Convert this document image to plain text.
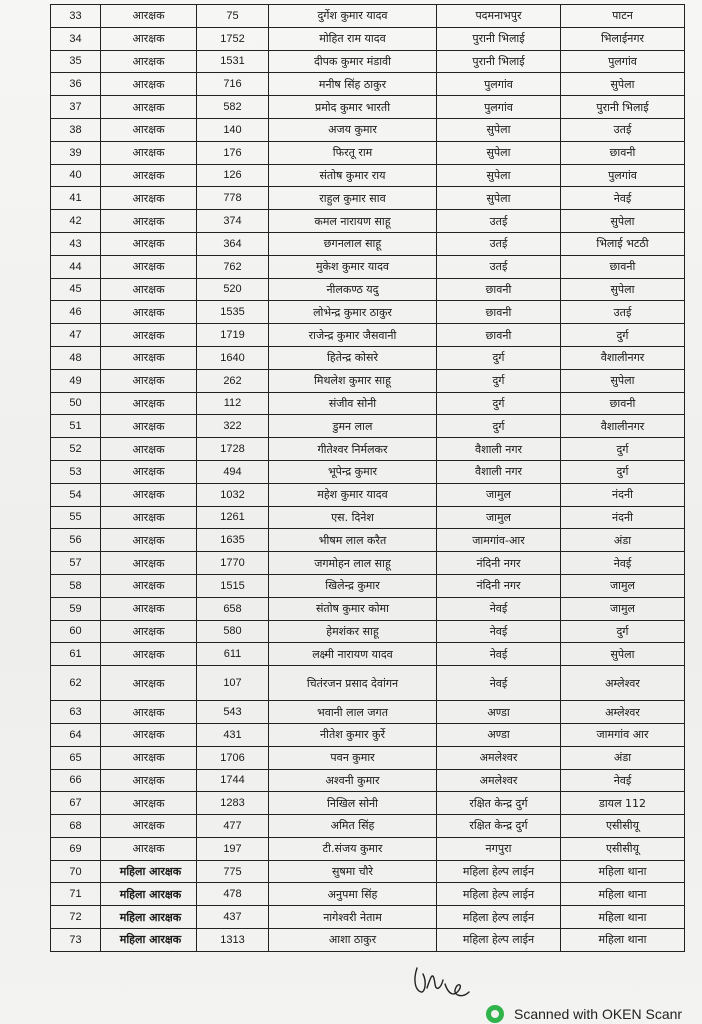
33	आरक्षक	75	दुर्गेश कुमार यादव	पदमनाभपुर	पाटन
34	आरक्षक	1752	मोहित राम यादव	पुरानी भिलाई	भिलाईनगर
35	आरक्षक	1531	दीपक कुमार मंडावी	पुरानी भिलाई	पुलगांव
36	आरक्षक	716	मनीष सिंह ठाकुर	पुलगांव	सुपेला
37	आरक्षक	582	प्रमोद कुमार भारती	पुलगांव	पुरानी भिलाई
38	आरक्षक	140	अजय कुमार	सुपेला	उतई
39	आरक्षक	176	फिरतू राम	सुपेला	छावनी
40	आरक्षक	126	संतोष कुमार राय	सुपेला	पुलगांव
41	आरक्षक	778	राहुल कुमार साव	सुपेला	नेवई
42	आरक्षक	374	कमल नारायण साहू	उतई	सुपेला
43	आरक्षक	364	छगनलाल साहू	उतई	भिलाई भटठी
44	आरक्षक	762	मुकेश कुमार यादव	उतई	छावनी
45	आरक्षक	520	नीलकण्ठ यदु	छावनी	सुपेला
46	आरक्षक	1535	लोभेन्द्र कुमार ठाकुर	छावनी	उतई
47	आरक्षक	1719	राजेन्द्र कुमार जैसवानी	छावनी	दुर्ग
48	आरक्षक	1640	हितेन्द्र कोसरे	दुर्ग	वैशालीनगर
49	आरक्षक	262	मिथलेश कुमार साहू	दुर्ग	सुपेला
50	आरक्षक	112	संजीव सोनी	दुर्ग	छावनी
51	आरक्षक	322	डुमन लाल	दुर्ग	वैशालीनगर
52	आरक्षक	1728	गीतेश्वर निर्मलकर	वैशाली नगर	दुर्ग
53	आरक्षक	494	भूपेन्द्र कुमार	वैशाली नगर	दुर्ग
54	आरक्षक	1032	महेश कुमार यादव	जामुल	नंदनी
55	आरक्षक	1261	एस. दिनेश	जामुल	नंदनी
56	आरक्षक	1635	भीषम लाल करैत	जामगांव-आर	अंडा
57	आरक्षक	1770	जगमोहन लाल साहू	नंदिनी नगर	नेवई
58	आरक्षक	1515	खिलेन्द्र कुमार	नंदिनी नगर	जामुल
59	आरक्षक	658	संतोष कुमार कोमा	नेवई	जामुल
60	आरक्षक	580	हेमशंकर साहू	नेवई	दुर्ग
61	आरक्षक	611	लक्ष्मी नारायण यादव	नेवई	सुपेला
62	आरक्षक	107	चितंरजन प्रसाद देवांगन	नेवई	अम्लेश्वर
63	आरक्षक	543	भवानी लाल जगत	अण्डा	अम्लेश्वर
64	आरक्षक	431	नीतेश कुमार कुर्रे	अण्डा	जामगांव आर
65	आरक्षक	1706	पवन कुमार	अमलेश्वर	अंडा
66	आरक्षक	1744	अश्वनी कुमार	अमलेश्वर	नेवई
67	आरक्षक	1283	निखिल सोनी	रक्षित केन्द्र दुर्ग	डायल 112
68	आरक्षक	477	अमित सिंह	रक्षित केन्द्र दुर्ग	एसीसीयू
69	आरक्षक	197	टी.संजय कुमार	नगपुरा	एसीसीयू
70	महिला आरक्षक	775	सुषमा चौरे	महिला हेल्प लाईन	महिला थाना
71	महिला आरक्षक	478	अनुपमा सिंह	महिला हेल्प लाईन	महिला थाना
72	महिला आरक्षक	437	नागेश्वरी नेताम	महिला हेल्प लाईन	महिला थाना
73	महिला आरक्षक	1313	आशा ठाकुर	महिला हेल्प लाईन	महिला थाना
Scanned with OKEN Scanr
